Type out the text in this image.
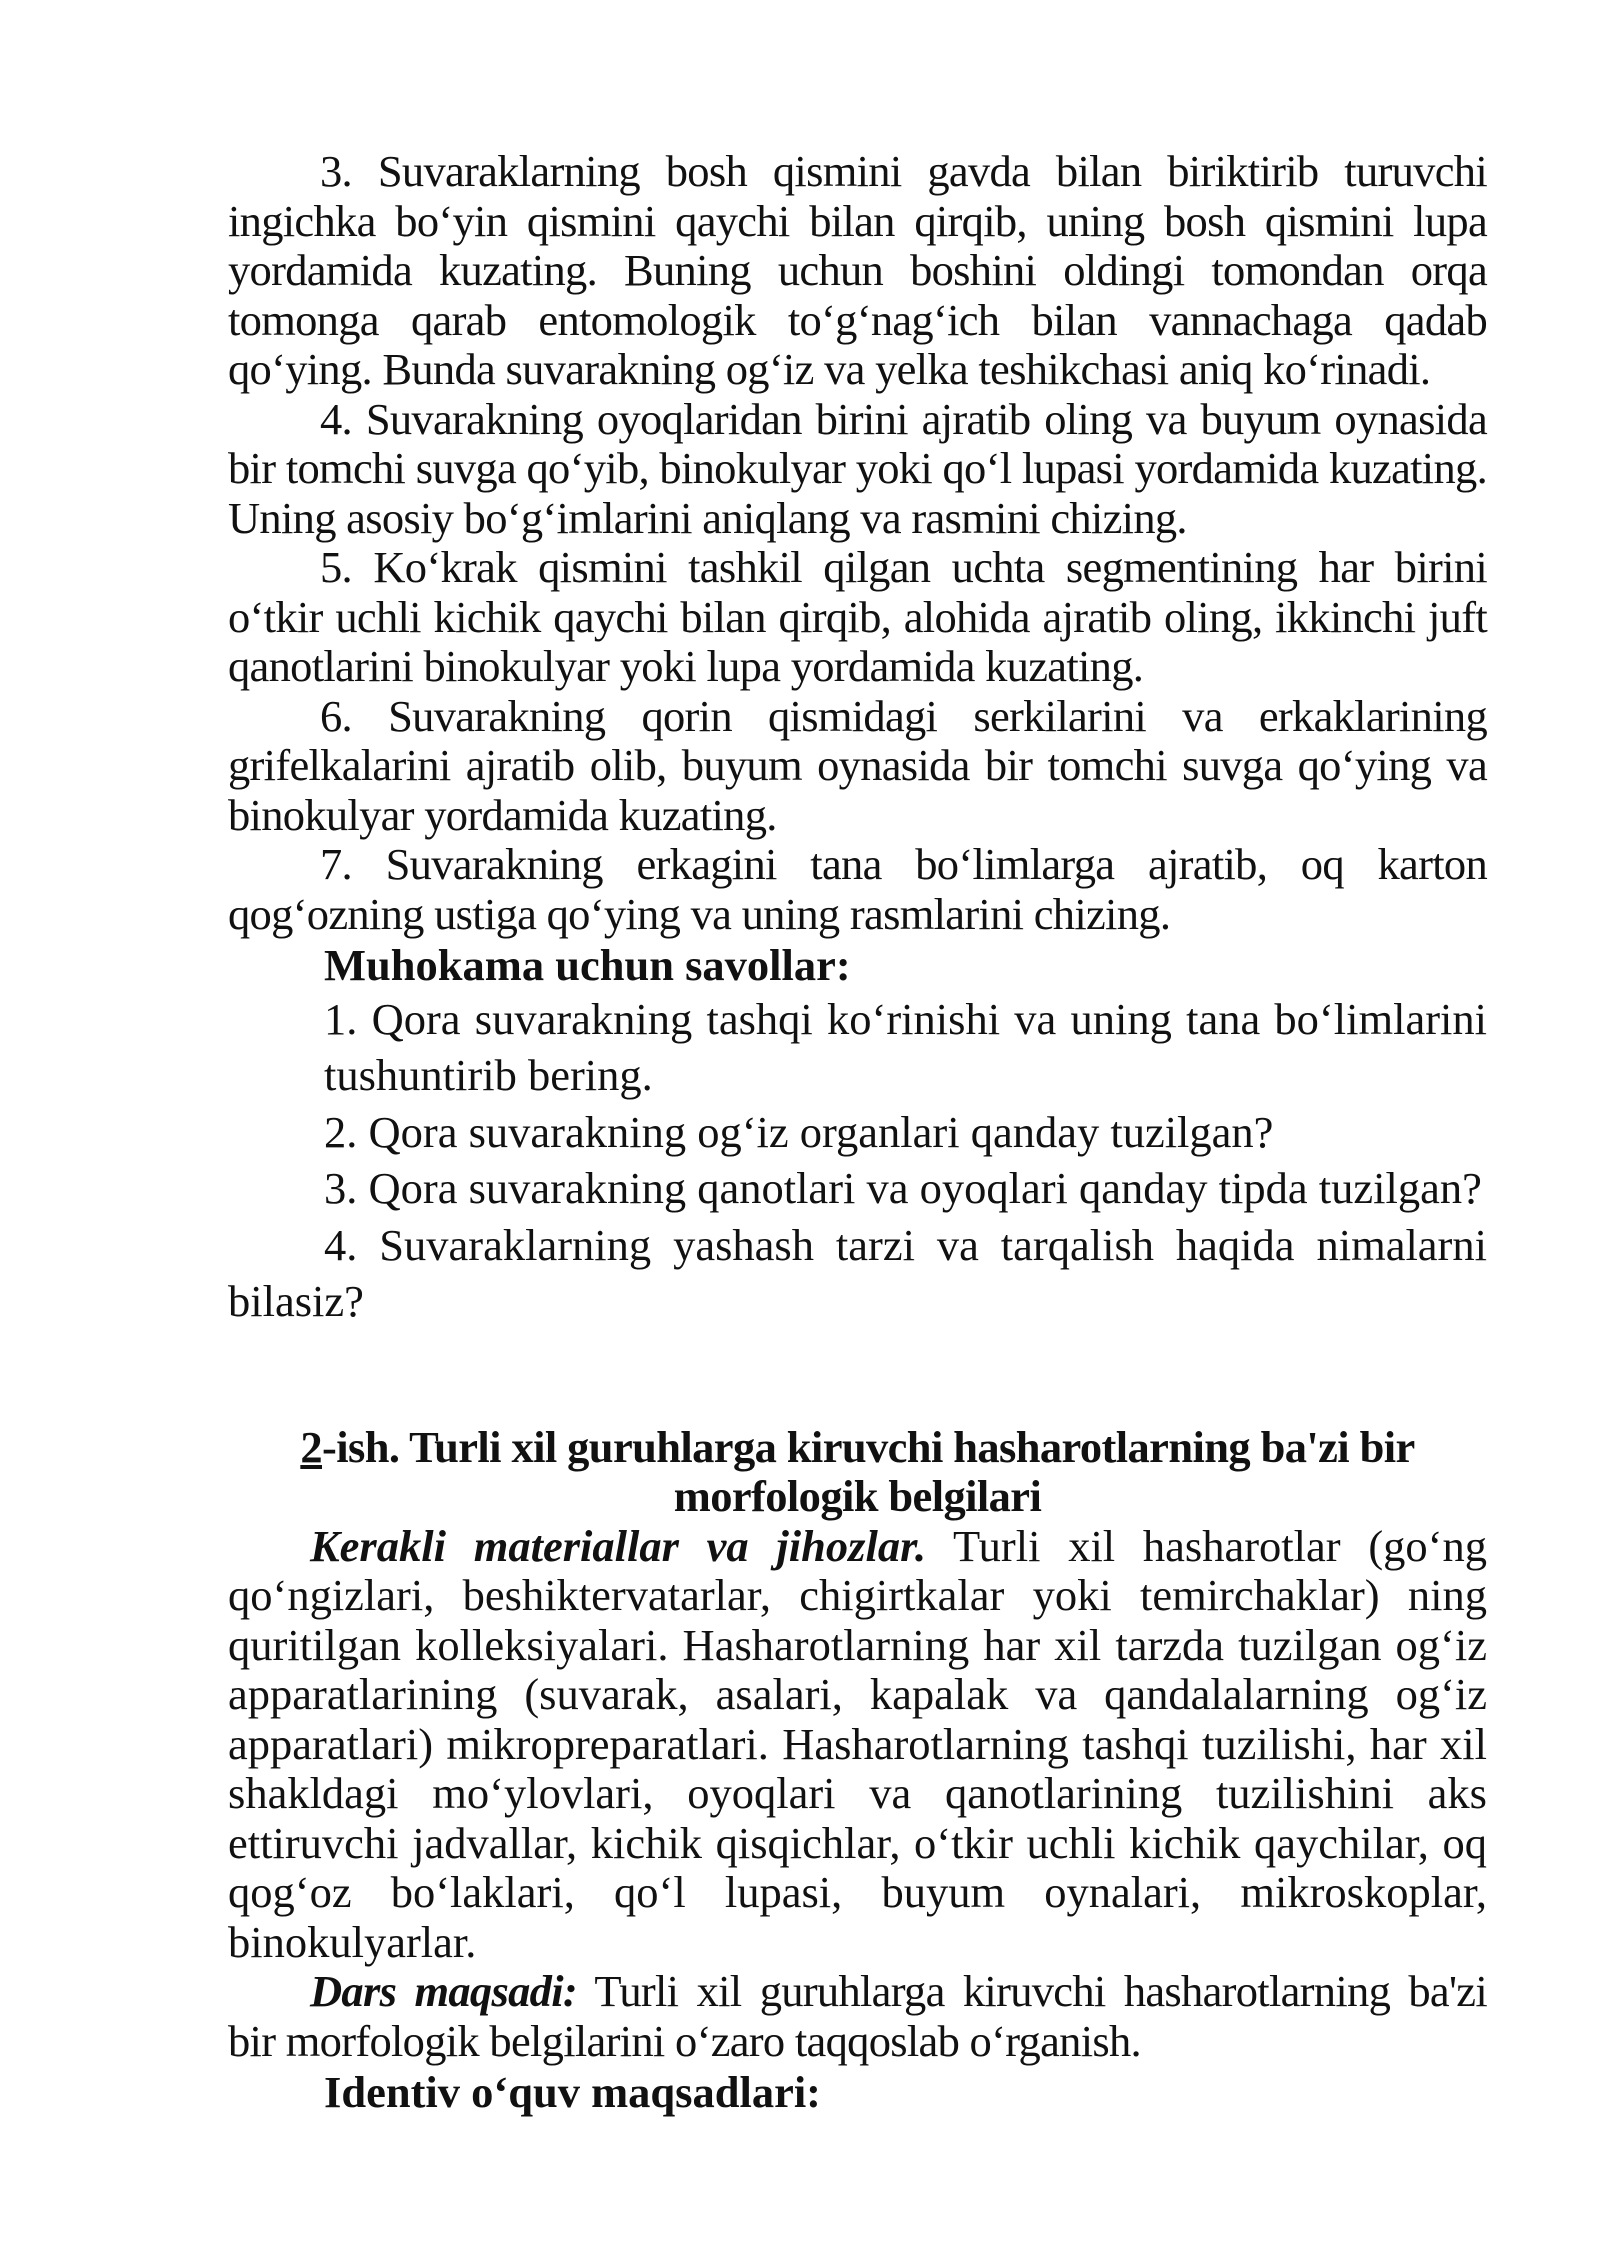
3. Suvaraklarning bosh qismini gavda bilan biriktirib turuvchi ingichka bo‘yin qismini qaychi bilan qirqib, uning bosh qismini lupa yordamida kuzating. Buning uchun boshini oldingi tomondan orqa tomonga qarab entomologik to‘g‘nag‘ich bilan vannachaga qadab qo‘ying. Bunda suvarakning og‘iz va yelka teshikchasi aniq ko‘rinadi.

4. Suvarakning oyoqlaridan birini ajratib oling va buyum oynasida bir tomchi suvga qo‘yib, binokulyar yoki qo‘l lupasi yordamida kuzating. Uning asosiy bo‘g‘imlarini aniqlang va rasmini chizing.

5. Ko‘krak qismini tashkil qilgan uchta segmentining har birini o‘tkir uchli kichik qaychi bilan qirqib, alohida ajratib oling, ikkinchi juft qanotlarini binokulyar yoki lupa yordamida kuzating.

6. Suvarakning qorin qismidagi serkilarini va erkaklarining grifelkalarini ajratib olib, buyum oynasida bir tomchi suvga qo‘ying va binokulyar yordamida kuzating.

7. Suvarakning erkagini tana bo‘limlarga ajratib, oq karton qog‘ozning ustiga qo‘ying va uning rasmlarini chizing.

Muhokama uchun savollar:

1. Qora suvarakning tashqi ko‘rinishi va uning tana bo‘limlarini tushuntirib bering.

2. Qora suvarakning og‘iz organlari qanday tuzilgan?

3. Qora suvarakning qanotlari va oyoqlari qanday tipda tuzilgan?

4. Suvaraklarning yashash tarzi va tarqalish haqida nimalarni bilasiz?

2-ish. Turli xil guruhlarga kiruvchi hasharotlarning ba'zi bir morfologik belgilari

Kerakli materiallar va jihozlar. Turli xil hasharotlar (go‘ng qo‘ngizlari, beshiktervatarlar, chigirtkalar yoki temirchaklar) ning quritilgan kolleksiyalari. Hasharotlarning har xil tarzda tuzilgan og‘iz apparatlarining (suvarak, asalari, kapalak va qandalalarning og‘iz apparatlari) mikropreparatlari. Hasharotlarning tashqi tuzilishi, har xil shakldagi mo‘ylovlari, oyoqlari va qanotlarining tuzilishini aks ettiruvchi jadvallar, kichik qisqichlar, o‘tkir uchli kichik qaychilar, oq qog‘oz bo‘laklari, qo‘l lupasi, buyum oynalari, mikroskoplar, binokulyarlar.

Dars maqsadi: Turli xil guruhlarga kiruvchi hasharotlarning ba'zi bir morfologik belgilarini o‘zaro taqqoslab o‘rganish.

Identiv o‘quv maqsadlari:
